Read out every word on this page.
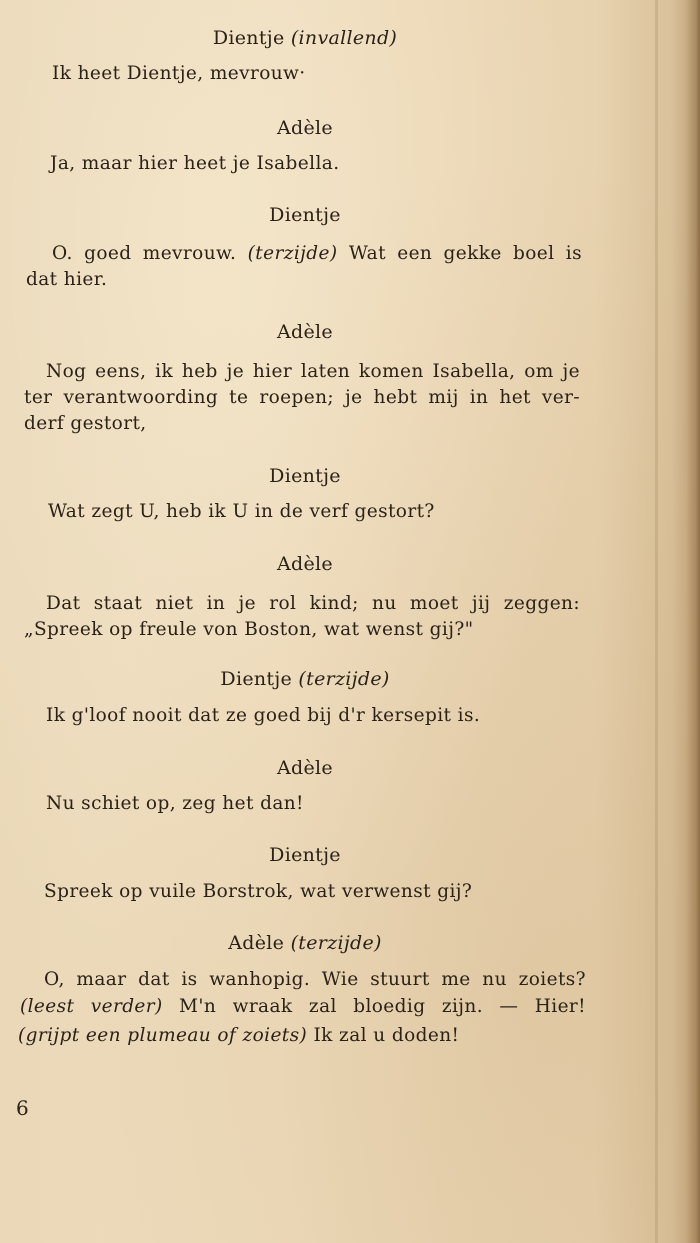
Dientje (invallend)
Ik heet Dientje, mevrouw·
Adèle
Ja, maar hier heet je Isabella.
Dientje
O. goed mevrouw. (terzijde) Wat een gekke boel is
dat hier.
Adèle
Nog eens, ik heb je hier laten komen Isabella, om je
ter verantwoording te roepen; je hebt mij in het ver-
derf gestort,
Dientje
Wat zegt U, heb ik U in de verf gestort?
Adèle
Dat staat niet in je rol kind; nu moet jij zeggen:
„Spreek op freule von Boston, wat wenst gij?"
Dientje (terzijde)
Ik g'loof nooit dat ze goed bij d'r kersepit is.
Adèle
Nu schiet op, zeg het dan!
Dientje
Spreek op vuile Borstrok, wat verwenst gij?
Adèle (terzijde)
O, maar dat is wanhopig. Wie stuurt me nu zoiets?
(leest verder) M'n wraak zal bloedig zijn. — Hier!
(grijpt een plumeau of zoiets) Ik zal u doden!
6
